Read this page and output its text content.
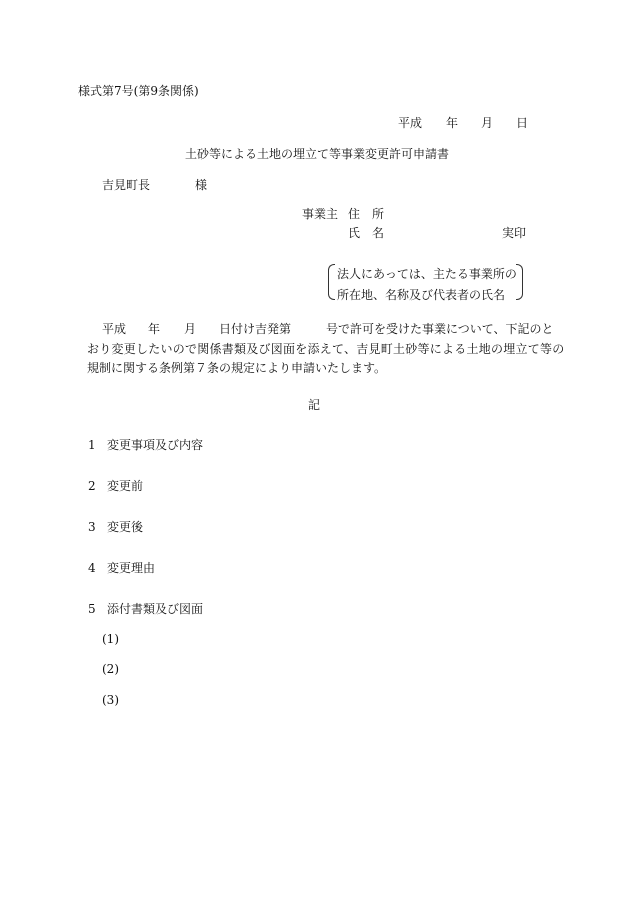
様式第7号(第9条関係)
平成 年 月 日
土砂等による土地の埋立て等事業変更許可申請書
吉見町長	様
事業主 住　所
氏　名	実印
法人にあっては、主たる事業所の
所在地、名称及び代表者の氏名
平成 年 月 日付け吉発第	号で許可を受けた事業について、下記のと
おり変更したいので関係書類及び図面を添えて、吉見町土砂等による土地の埋立て等の
規制に関する条例第７条の規定により申請いたします。
記
1 変更事項及び内容
2 変更前
3 変更後
4 変更理由
5 添付書類及び図面
(1)
(2)
(3)
